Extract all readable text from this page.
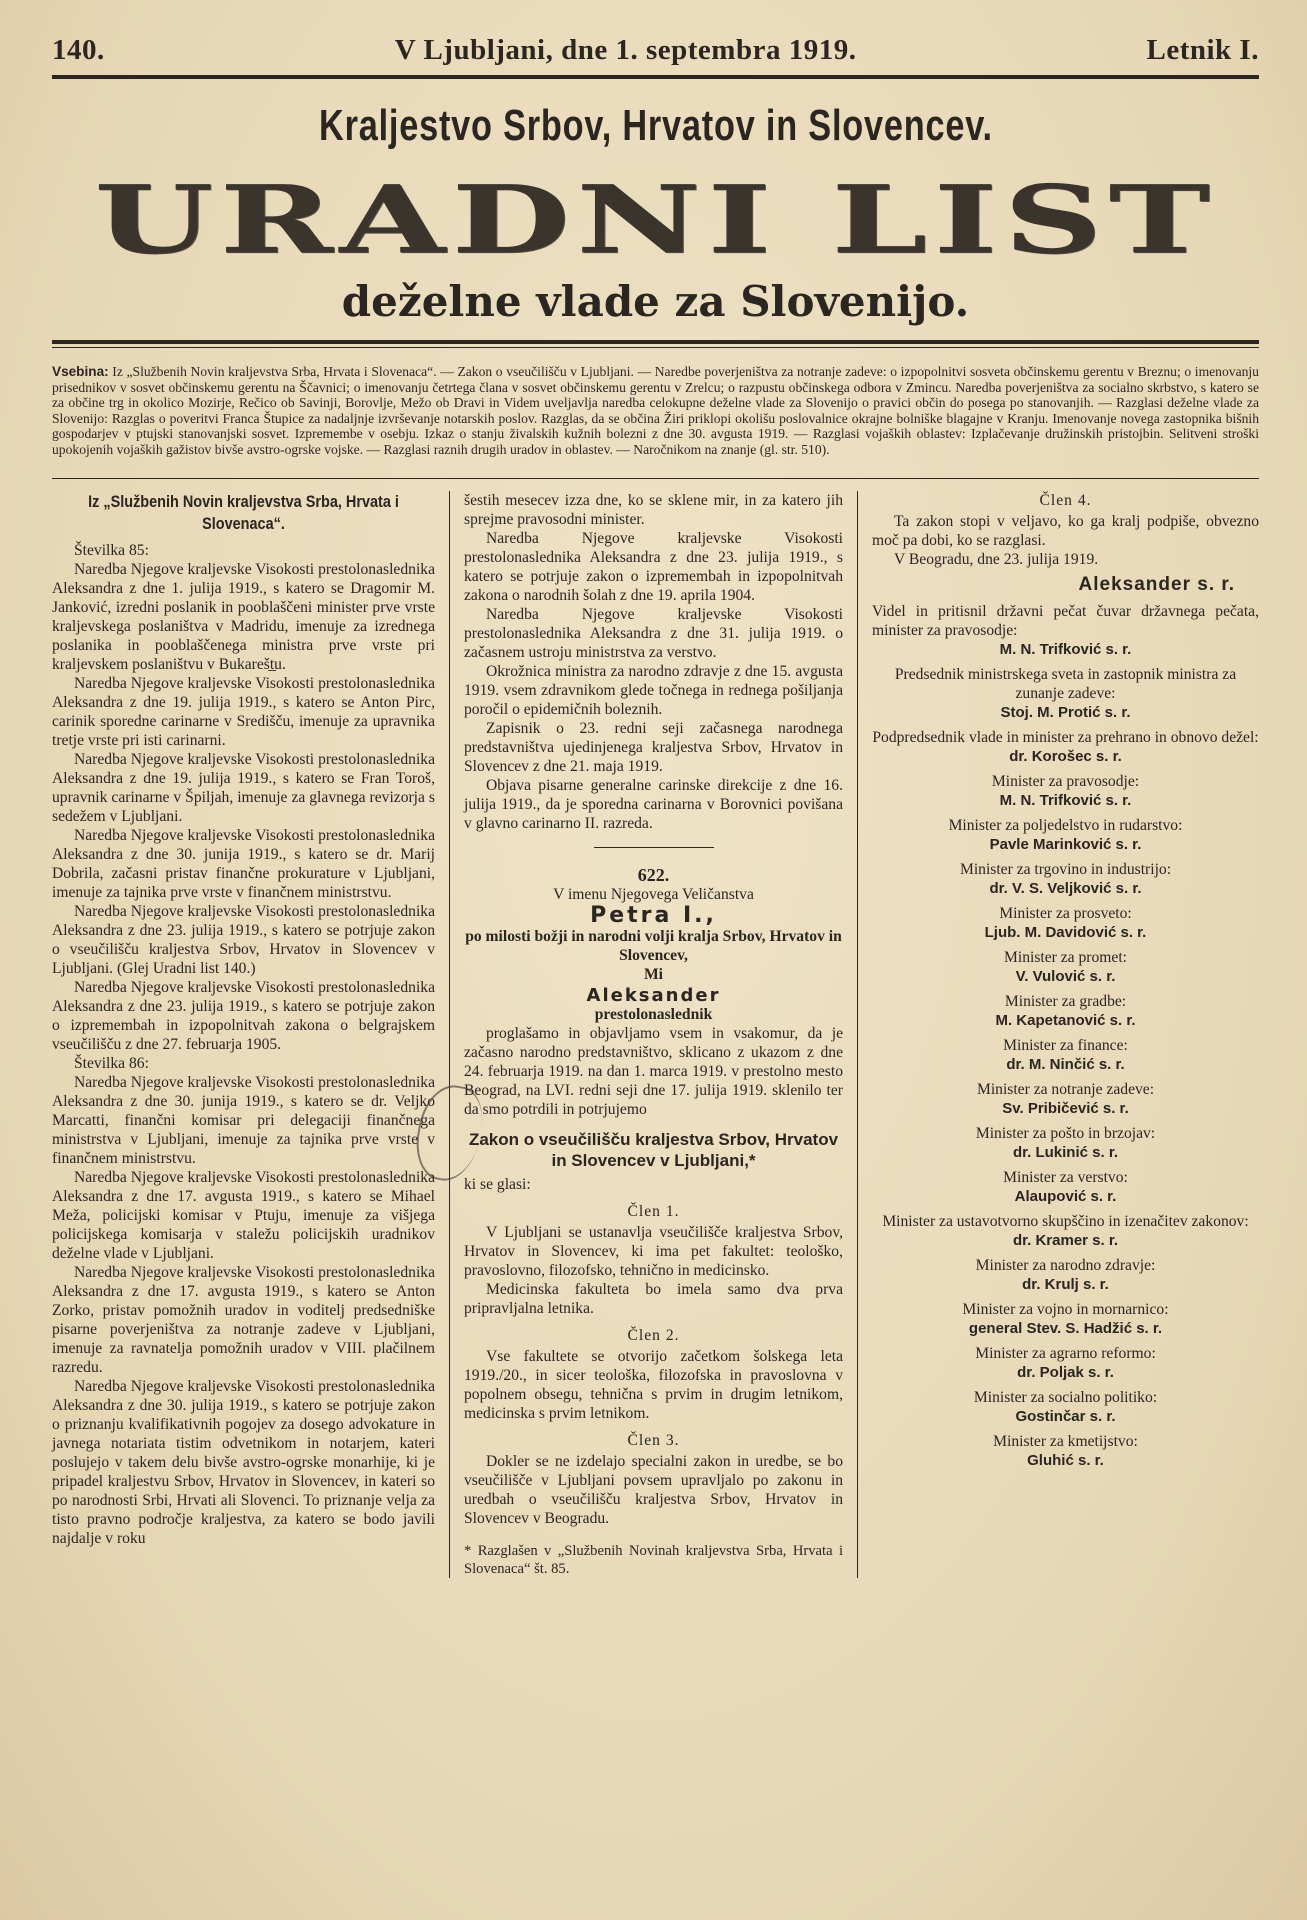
140.	V Ljubljani, dne 1. septembra 1919.	Letnik I.
Kraljestvo Srbov, Hrvatov in Slovencev.
URADNI LIST
deželne vlade za Slovenijo.
Vsebina: Iz „Službenih Novin kraljevstva Srba, Hrvata i Slovenaca“. — Zakon o vseučilišču v Ljubljani. — Naredbe poverjeništva za notranje zadeve: o izpopolnitvi sosveta občinskemu gerentu v Breznu; o imenovanju prisednikov v sosvet občinskemu gerentu na Ščavnici; o imenovanju četrtega člana v sosvet občinskemu gerentu v Zrelcu; o razpustu občinskega odbora v Zmincu. Naredba poverjeništva za socialno skrbstvo, s katero se za občine trg in okolico Mozirje, Rečico ob Savinji, Borovlje, Mežo ob Dravi in Videm uveljavlja naredba celokupne deželne vlade za Slovenijo o pravici občin do posega po stanovanjih. — Razglasi deželne vlade za Slovenijo: Razglas o poveritvi Franca Štupice za nadaljnje izvrševanje notarskih poslov. Razglas, da se občina Žiri priklopi okolišu poslovalnice okrajne bolniške blagajne v Kranju. Imenovanje novega zastopnika bišnih gospodarjev v ptujski stanovanjski sosvet. Izpremembe v osebju. Izkaz o stanju živalskih kužnih bolezni z dne 30. avgusta 1919. — Razglasi vojaških oblastev: Izplačevanje družinskih pristojbin. Selitveni stroški upokojenih vojaških gažistov bivše avstro-ogrske vojske. — Razglasi raznih drugih uradov in oblastev. — Naročnikom na znanje (gl. str. 510).
Iz „Službenih Novin kraljevstva Srba, Hrvata i Slovenaca“.

Številka 85:

Naredba Njegove kraljevske Visokosti prestolonaslednika Aleksandra z dne 1. julija 1919., s katero se Dragomir M. Janković, izredni poslanik in pooblaščeni minister prve vrste kraljevskega poslaništva v Madridu, imenuje za izrednega poslanika in pooblaščenega ministra prve vrste pri kraljevskem poslaništvu v Bukarešt̲u.

Naredba Njegove kraljevske Visokosti prestolonaslednika Aleksandra z dne 19. julija 1919., s katero se Anton Pirc, carinik sporedne carinarne v Središču, imenuje za upravnika tretje vrste pri isti carinarni.

Naredba Njegove kraljevske Visokosti prestolonaslednika Aleksandra z dne 19. julija 1919., s katero se Fran Toroš, upravnik carinarne v Špiljah, imenuje za glavnega revizorja s sedežem v Ljubljani.

Naredba Njegove kraljevske Visokosti prestolonaslednika Aleksandra z dne 30. junija 1919., s katero se dr. Marij Dobrila, začasni pristav finančne prokurature v Ljubljani, imenuje za tajnika prve vrste v finančnem ministrstvu.

Naredba Njegove kraljevske Visokosti prestolonaslednika Aleksandra z dne 23. julija 1919., s katero se potrjuje zakon o vseučilišču kraljestva Srbov, Hrvatov in Slovencev v Ljubljani. (Glej Uradni list 140.)

Naredba Njegove kraljevske Visokosti prestolonaslednika Aleksandra z dne 23. julija 1919., s katero se potrjuje zakon o izpremembah in izpopolnitvah zakona o belgrajskem vseučilišču z dne 27. februarja 1905.

Številka 86:

Naredba Njegove kraljevske Visokosti prestolonaslednika Aleksandra z dne 30. junija 1919., s katero se dr. Veljko Marcatti, finančni komisar pri delegaciji finančnega ministrstva v Ljubljani, imenuje za tajnika prve vrste v finančnem ministrstvu.

Naredba Njegove kraljevske Visokosti prestolonaslednika Aleksandra z dne 17. avgusta 1919., s katero se Mihael Meža, policijski komisar v Ptuju, imenuje za višjega policijskega komisarja v staležu policijskih uradnikov deželne vlade v Ljubljani.

Naredba Njegove kraljevske Visokosti prestolonaslednika Aleksandra z dne 17. avgusta 1919., s katero se Anton Zorko, pristav pomožnih uradov in voditelj predsedniške pisarne poverjeništva za notranje zadeve v Ljubljani, imenuje za ravnatelja pomožnih uradov v VIII. plačilnem razredu.

Naredba Njegove kraljevske Visokosti prestolonaslednika Aleksandra z dne 30. julija 1919., s katero se potrjuje zakon o priznanju kvalifikativnih pogojev za dosego advokature in javnega notariata tistim odvetnikom in notarjem, kateri poslujejo v takem delu bivše avstro-ogrske monarhije, ki je pripadel kraljestvu Srbov, Hrvatov in Slovencev, in kateri so po narodnosti Srbi, Hrvati ali Slovenci. To priznanje velja za tisto pravno področje kraljestva, za katero se bodo javili najdalje v roku

šestih mesecev izza dne, ko se sklene mir, in za katero jih sprejme pravosodni minister.

Naredba Njegove kraljevske Visokosti prestolonaslednika Aleksandra z dne 23. julija 1919., s katero se potrjuje zakon o izpremembah in izpopolnitvah zakona o narodnih šolah z dne 19. aprila 1904.

Naredba Njegove kraljevske Visokosti prestolonaslednika Aleksandra z dne 31. julija 1919. o začasnem ustroju ministrstva za verstvo.

Okrožnica ministra za narodno zdravje z dne 15. avgusta 1919. vsem zdravnikom glede točnega in rednega pošiljanja poročil o epidemičnih boleznih.

Zapisnik o 23. redni seji začasnega narodnega predstavništva ujedinjenega kraljestva Srbov, Hrvatov in Slovencev z dne 21. maja 1919.

Objava pisarne generalne carinske direkcije z dne 16. julija 1919., da je sporedna carinarna v Borovnici povišana v glavno carinarno II. razreda.

622.

V imenu Njegovega Veličanstva

Petra I.,

po milosti božji in narodni volji kralja Srbov, Hrvatov in Slovencev,

Mi

Aleksander

prestolonaslednik

proglašamo in objavljamo vsem in vsakomur, da je začasno narodno predstavništvo, sklicano z ukazom z dne 24. februarja 1919. na dan 1. marca 1919. v prestolno mesto Beograd, na LVI. redni seji dne 17. julija 1919. sklenilo ter da smo potrdili in potrjujemo

Zakon o vseučilišču kraljestva Srbov, Hrvatov in Slovencev v Ljubljani,*

ki se glasi:

Člen 1.

V Ljubljani se ustanavlja vseučilišče kraljestva Srbov, Hrvatov in Slovencev, ki ima pet fakultet: teološko, pravoslovno, filozofsko, tehnično in medicinsko.

Medicinska fakulteta bo imela samo dva prva pripravljalna letnika.

Člen 2.

Vse fakultete se otvorijo začetkom šolskega leta 1919./20., in sicer teološka, filozofska in pravoslovna v popolnem obsegu, tehnična s prvim in drugim letnikom, medicinska s prvim letnikom.

Člen 3.

Dokler se ne izdelajo specialni zakon in uredbe, se bo vseučilišče v Ljubljani povsem upravljalo po zakonu in uredbah o vseučilišču kraljestva Srbov, Hrvatov in Slovencev v Beogradu.

* Razglašen v „Službenih Novinah kraljevstva Srba, Hrvata i Slovenaca“ št. 85.
Člen 4.

Ta zakon stopi v veljavo, ko ga kralj podpiše, obvezno moč pa dobi, ko se razglasi.

V Beogradu, dne 23. julija 1919.

Aleksander s. r.

Videl in pritisnil državni pečat čuvar državnega pečata, minister za pravosodje:

M. N. Trifković s. r.
Predsednik ministrskega sveta in zastopnik ministra za zunanje zadeve:
Stoj. M. Protić s. r.
Podpredsednik vlade in minister za prehrano in obnovo dežel:
dr. Korošec s. r.
Minister za pravosodje:
M. N. Trifković s. r.
Minister za poljedelstvo in rudarstvo:
Pavle Marinković s. r.
Minister za trgovino in industrijo:
dr. V. S. Veljković s. r.
Minister za prosveto:
Ljub. M. Davidović s. r.
Minister za promet:
V. Vulović s. r.
Minister za gradbe:
M. Kapetanović s. r.
Minister za finance:
dr. M. Ninčić s. r.
Minister za notranje zadeve:
Sv. Pribičević s. r.
Minister za pošto in brzojav:
dr. Lukinić s. r.
Minister za verstvo:
Alaupović s. r.
Minister za ustavotvorno skupščino in izenačitev zakonov:
dr. Kramer s. r.
Minister za narodno zdravje:
dr. Krulj s. r.
Minister za vojno in mornarnico:
general Stev. S. Hadžić s. r.
Minister za agrarno reformo:
dr. Poljak s. r.
Minister za socialno politiko:
Gostinčar s. r.
Minister za kmetijstvo:
Gluhić s. r.
